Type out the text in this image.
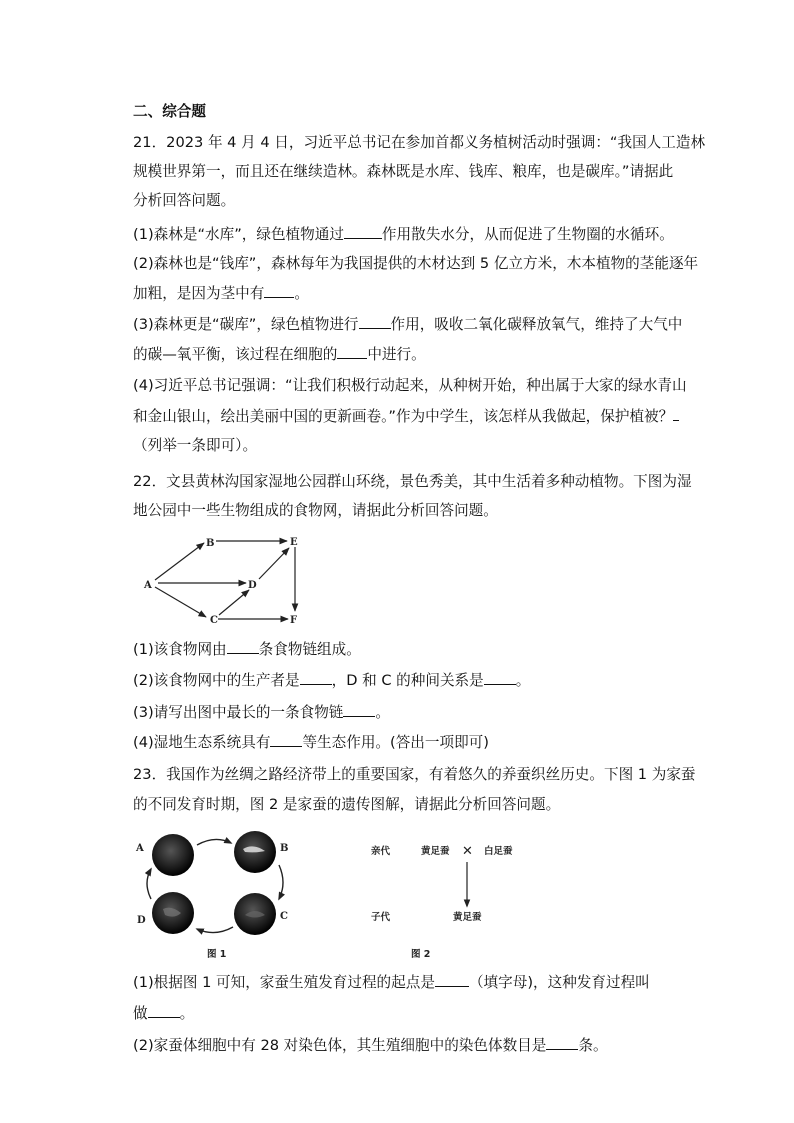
二、综合题
21．2023 年 4 月 4 日，习近平总书记在参加首都义务植树活动时强调：“我国人工造林
规模世界第一，而且还在继续造林。森林既是水库、钱库、粮库，也是碳库。”请据此
分析回答问题。
(1)森林是“水库”，绿色植物通过	作用散失水分，从而促进了生物圈的水循环。
(2)森林也是“钱库”，森林每年为我国提供的木材达到 5 亿立方米，木本植物的茎能逐年
加粗，是因为茎中有 。
(3)森林更是“碳库”，绿色植物进行 作用，吸收二氧化碳释放氧气，维持了大气中
的碳—氧平衡，该过程在细胞的 中进行。
(4)习近平总书记强调：“让我们积极行动起来，从种树开始，种出属于大家的绿水青山
和金山银山，绘出美丽中国的更新画卷。”作为中学生，该怎样从我做起，保护植被？
（列举一条即可）。
22．文县黄林沟国家湿地公园群山环绕，景色秀美，其中生活着多种动植物。下图为湿
地公园中一些生物组成的食物网，请据此分析回答问题。
A
B
C
D
E
F
(1)该食物网由 条食物链组成。
(2)该食物网中的生产者是 ，D 和 C 的种间关系是 。
(3)请写出图中最长的一条食物链 。
(4)湿地生态系统具有 等生态作用。(答出一项即可)
23．我国作为丝绸之路经济带上的重要国家，有着悠久的养蚕织丝历史。下图 1 为家蚕
的不同发育时期，图 2 是家蚕的遗传图解，请据此分析回答问题。
A	B
C
D
图 1
亲代	黄足蚕 ✕ 白足蚕
子代	黄足蚕
图 2
(1)根据图 1 可知，家蚕生殖发育过程的起点是 （填字母)，这种发育过程叫
做 。
(2)家蚕体细胞中有 28 对染色体，其生殖细胞中的染色体数目是 条。
